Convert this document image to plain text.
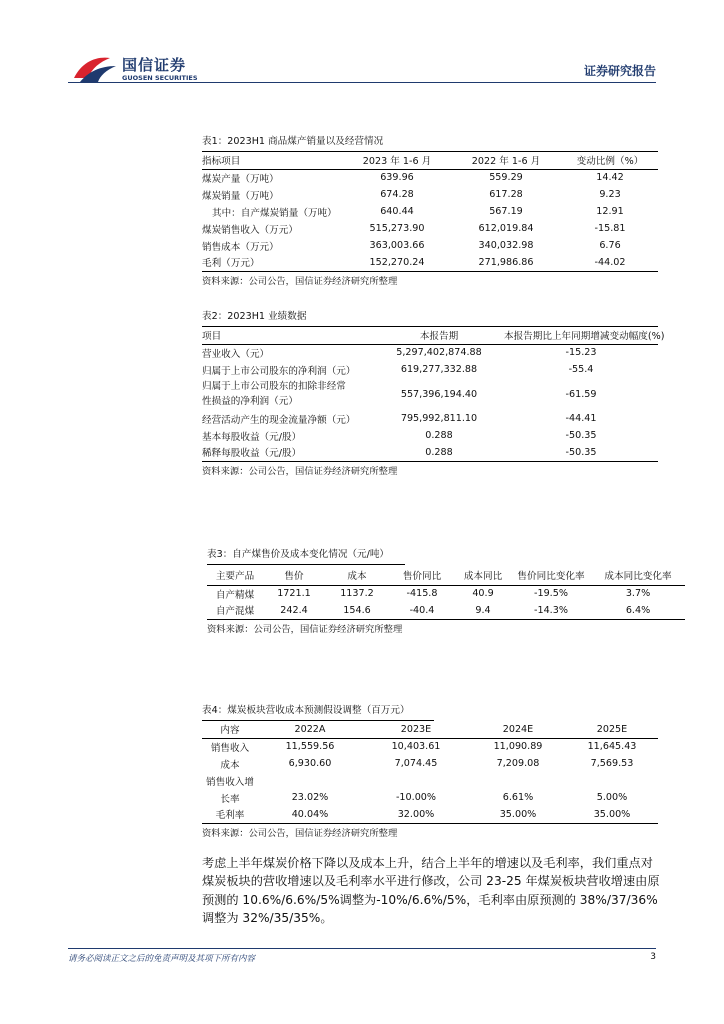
国信证券
GUOSEN SECURITIES	证券研究报告
表1：2023H1 商品煤产销量以及经营情况
指标项目	2023 年 1-6 月	2022 年 1-6 月	变动比例（%）
煤炭产量（万吨）	639.96	559.29	14.42
煤炭销量（万吨）	674.28	617.28	9.23
其中：自产煤炭销量（万吨）	640.44	567.19	12.91
煤炭销售收入（万元）	515,273.90	612,019.84	-15.81
销售成本（万元）	363,003.66	340,032.98	6.76
毛利（万元）	152,270.24	271,986.86	-44.02
资料来源：公司公告，国信证券经济研究所整理
表2：2023H1 业绩数据
项目	本报告期	本报告期比上年同期增减变动幅度(%)
营业收入（元）	5,297,402,874.88	-15.23
归属于上市公司股东的净利润（元）	619,277,332.88	-55.4

归属于上市公司股东的扣除非经常
性损益的净利润（元）	557,396,194.40	-61.59
经营活动产生的现金流量净额（元）	795,992,811.10	-44.41
基本每股收益（元/股）	0.288	-50.35
稀释每股收益（元/股）	0.288	-50.35
资料来源：公司公告，国信证券经济研究所整理
表3：自产煤售价及成本变化情况（元/吨）
主要产品	售价	成本	售价同比	成本同比	售价同比变化率	成本同比变化率
自产精煤	1721.1	1137.2	-415.8	40.9	-19.5%	3.7%
自产混煤	242.4	154.6	-40.4	9.4	-14.3%	6.4%
资料来源：公司公告，国信证券经济研究所整理
表4：煤炭板块营收成本预测假设调整（百万元）
内容	2022A	2023E	2024E	2025E
销售收入	11,559.56	10,403.61	11,090.89	11,645.43
成本	6,930.60	7,074.45	7,209.08	7,569.53
销售收入增				
长率	23.02%	-10.00%	6.61%	5.00%
毛利率	40.04%	32.00%	35.00%	35.00%
资料来源：公司公告，国信证券经济研究所整理

考虑上半年煤炭价格下降以及成本上升，结合上半年的增速以及毛利率，我们重点对煤炭板块的营收增速以及毛利率水平进行修改，公司 23-25 年煤炭板块营收增速由原预测的 10.6%/6.6%/5%调整为-10%/6.6%/5%，毛利率由原预测的 38%/37/36%调整为 32%/35/35%。

请务必阅读正文之后的免责声明及其项下所有内容	3
